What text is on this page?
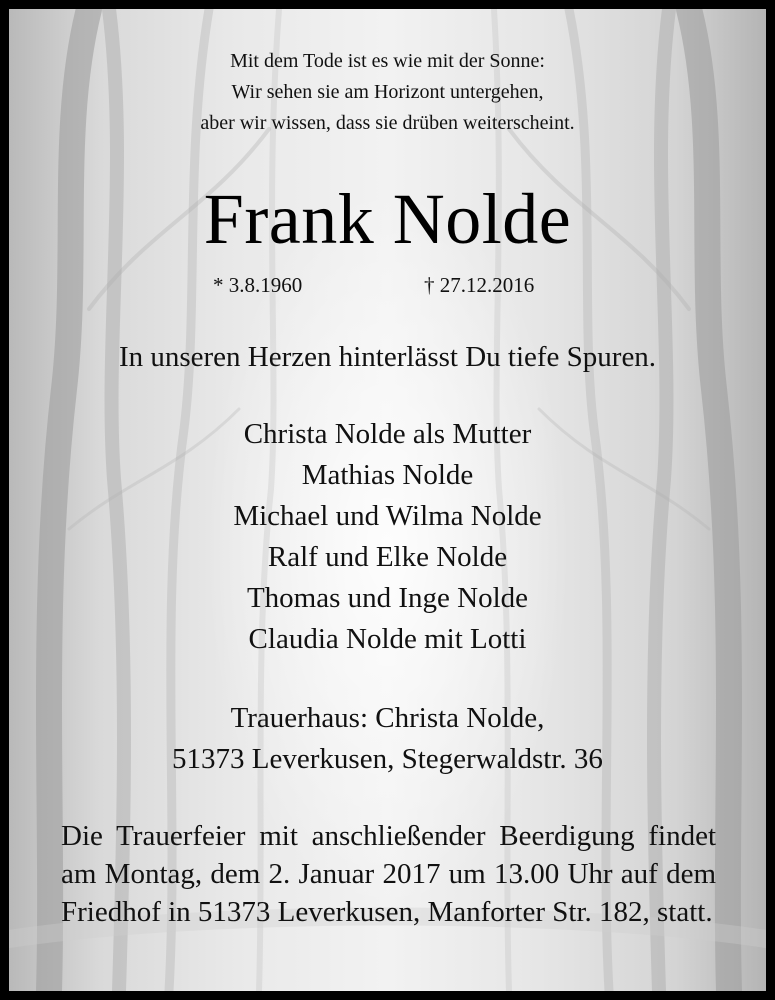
Mit dem Tode ist es wie mit der Sonne:
Wir sehen sie am Horizont untergehen,
aber wir wissen, dass sie drüben weiterscheint.
Frank Nolde
* 3.8.1960	† 27.12.2016
In unseren Herzen hinterlässt Du tiefe Spuren.
Christa Nolde als Mutter
Mathias Nolde
Michael und Wilma Nolde
Ralf und Elke Nolde
Thomas und Inge Nolde
Claudia Nolde mit Lotti
Trauerhaus: Christa Nolde,
51373 Leverkusen, Stegerwaldstr. 36
Die Trauerfeier mit anschließender Beerdigung findet am Montag, dem 2. Januar 2017 um 13.00 Uhr auf dem Friedhof in 51373 Leverkusen, Manforter Str. 182, statt.
